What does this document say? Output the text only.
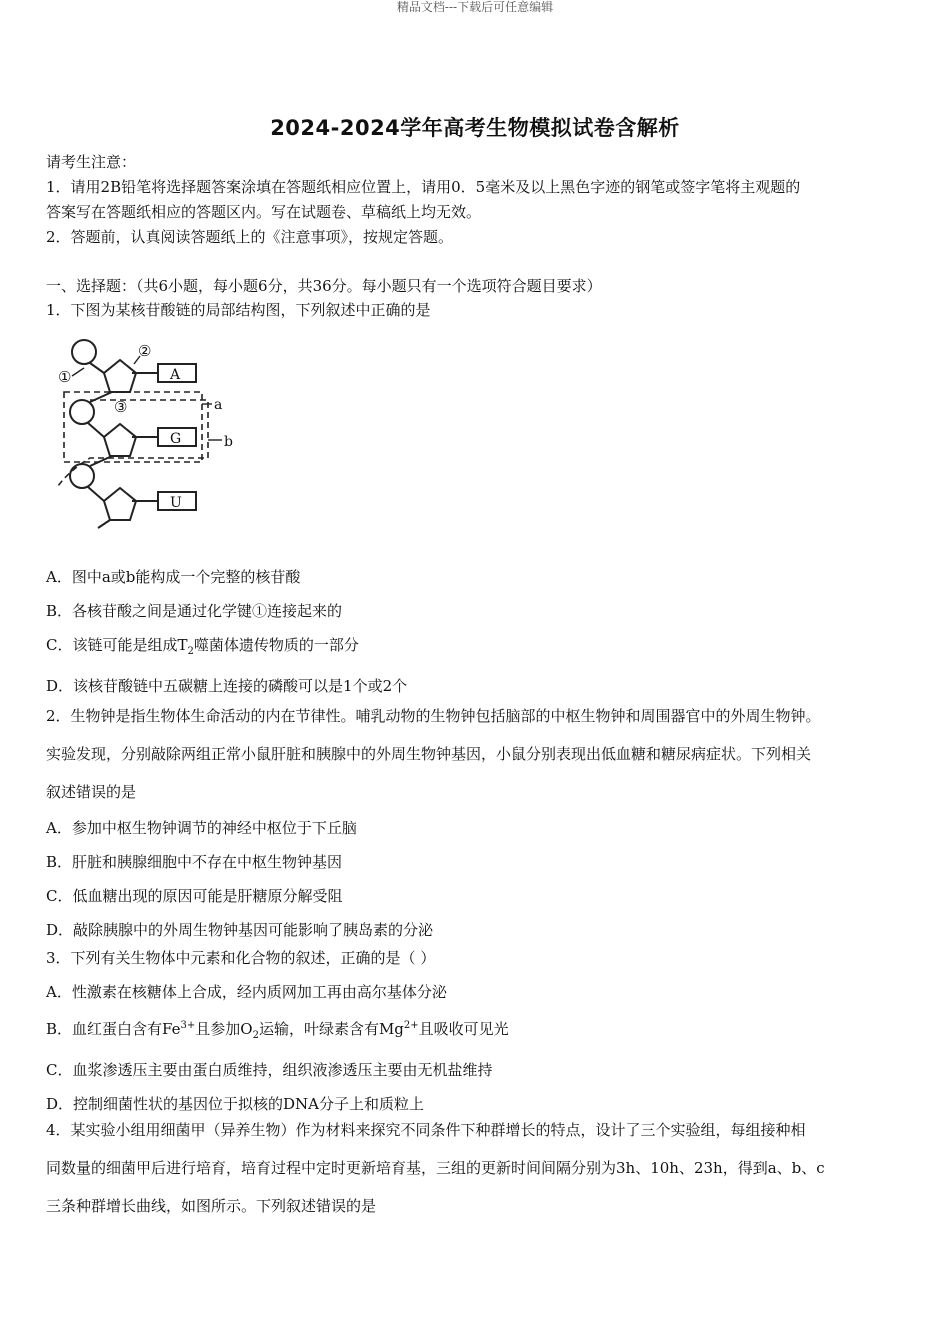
精品文档---下载后可任意编辑
2024-2024学年高考生物模拟试卷含解析
请考生注意：
1．请用2B铅笔将选择题答案涂填在答题纸相应位置上，请用0．5毫米及以上黑色字迹的钢笔或签字笔将主观题的
答案写在答题纸相应的答题区内。写在试题卷、草稿纸上均无效。
2．答题前，认真阅读答题纸上的《注意事项》，按规定答题。
一、选择题：（共6小题，每小题6分，共36分。每小题只有一个选项符合题目要求）
1．下图为某核苷酸链的局部结构图，下列叙述中正确的是
①
②
③	a
b
A
G
U
A．图中a或b能构成一个完整的核苷酸
B．各核苷酸之间是通过化学键①连接起来的
C．该链可能是组成$T_2$噬菌体遗传物质的一部分
D．该核苷酸链中五碳糖上连接的磷酸可以是1个或2个
2．生物钟是指生物体生命活动的内在节律性。哺乳动物的生物钟包括脑部的中枢生物钟和周围器官中的外周生物钟。
实验发现，分别敲除两组正常小鼠肝脏和胰腺中的外周生物钟基因，小鼠分别表现出低血糖和糖尿病症状。下列相关
叙述错误的是
A．参加中枢生物钟调节的神经中枢位于下丘脑
B．肝脏和胰腺细胞中不存在中枢生物钟基因
C．低血糖出现的原因可能是肝糖原分解受阻
D．敲除胰腺中的外周生物钟基因可能影响了胰岛素的分泌
3．下列有关生物体中元素和化合物的叙述，正确的是（ ）
A．性激素在核糖体上合成，经内质网加工再由高尔基体分泌
B．血红蛋白含有$Fe^{3+}$且参加$O_2$运输，叶绿素含有$Mg^{2+}$且吸收可见光
C．血浆渗透压主要由蛋白质维持，组织液渗透压主要由无机盐维持
D．控制细菌性状的基因位于拟核的DNA分子上和质粒上
4．某实验小组用细菌甲（异养生物）作为材料来探究不同条件下种群增长的特点，设计了三个实验组，每组接种相
同数量的细菌甲后进行培育，培育过程中定时更新培育基，三组的更新时间间隔分别为3h、10h、23h，得到a、b、c
三条种群增长曲线，如图所示。下列叙述错误的是
